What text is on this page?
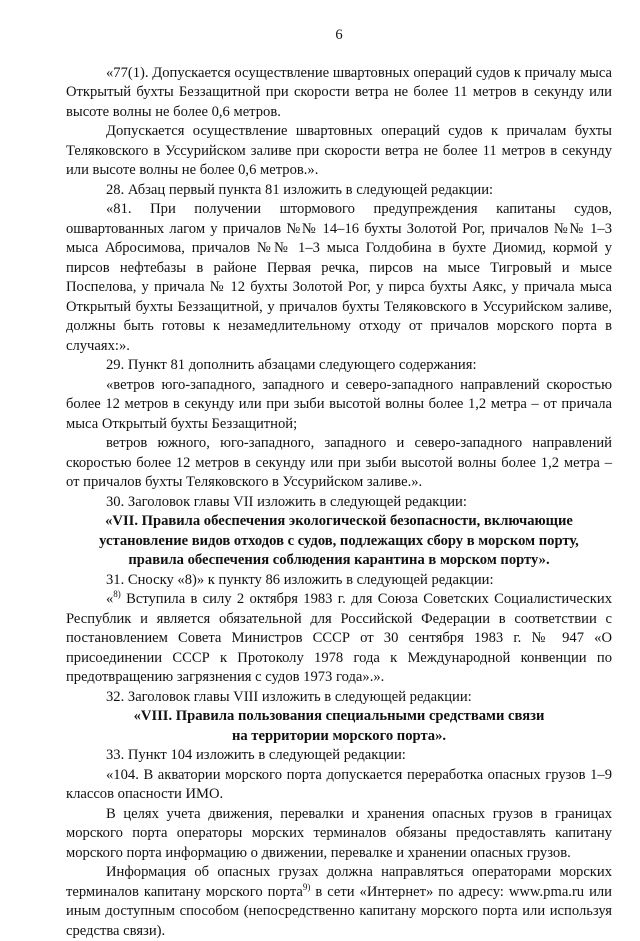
6

«77(1). Допускается осуществление швартовных операций судов к причалу мыса Открытый бухты Беззащитной при скорости ветра не более 11 метров в секунду или высоте волны не более 0,6 метров.

Допускается осуществление швартовных операций судов к причалам бухты Теляковского в Уссурийском заливе при скорости ветра не более 11 метров в секунду или высоте волны не более 0,6 метров.».

28. Абзац первый пункта 81 изложить в следующей редакции:

«81. При получении штормового предупреждения капитаны судов, ошвартованных лагом у причалов №№ 14–16 бухты Золотой Рог, причалов №№ 1–3 мыса Абросимова, причалов №№ 1–3 мыса Голдобина в бухте Диомид, кормой у пирсов нефтебазы в районе Первая речка, пирсов на мысе Тигровый и мысе Поспелова, у причала № 12 бухты Золотой Рог, у пирса бухты Аякс, у причала мыса Открытый бухты Беззащитной, у причалов бухты Теляковского в Уссурийском заливе, должны быть готовы к незамедлительному отходу от причалов морского порта в случаях:».

29. Пункт 81 дополнить абзацами следующего содержания:

«ветров юго-западного, западного и северо-западного направлений скоростью более 12 метров в секунду или при зыби высотой волны более 1,2 метра – от причала мыса Открытый бухты Беззащитной;

ветров южного, юго-западного, западного и северо-западного направлений скоростью более 12 метров в секунду или при зыби высотой волны более 1,2 метра – от причалов бухты Теляковского в Уссурийском заливе.».

30. Заголовок главы VII изложить в следующей редакции:

«VII. Правила обеспечения экологической безопасности, включающие
установление видов отходов с судов, подлежащих сбору в морском порту,
правила обеспечения соблюдения карантина в морском порту».

31. Сноску «8)» к пункту 86 изложить в следующей редакции:

«$^{8)}$ Вступила в силу 2 октября 1983 г. для Союза Советских Социалистических Республик и является обязательной для Российской Федерации в соответствии с постановлением Совета Министров СССР от 30 сентября 1983 г. № 947 «О присоединении СССР к Протоколу 1978 года к Международной конвенции по предотвращению загрязнения с судов 1973 года».».

32. Заголовок главы VIII изложить в следующей редакции:

«VIII. Правила пользования специальными средствами связи
на территории морского порта».

33. Пункт 104 изложить в следующей редакции:

«104. В акватории морского порта допускается переработка опасных грузов 1–9 классов опасности ИМО.

В целях учета движения, перевалки и хранения опасных грузов в границах морского порта операторы морских терминалов обязаны предоставлять капитану морского порта информацию о движении, перевалке и хранении опасных грузов.

Информация об опасных грузах должна направляться операторами морских терминалов капитану морского порта$^{9)}$ в сети «Интернет» по адресу: www.pma.ru или иным доступным способом (непосредственно капитану морского порта или используя средства связи).
